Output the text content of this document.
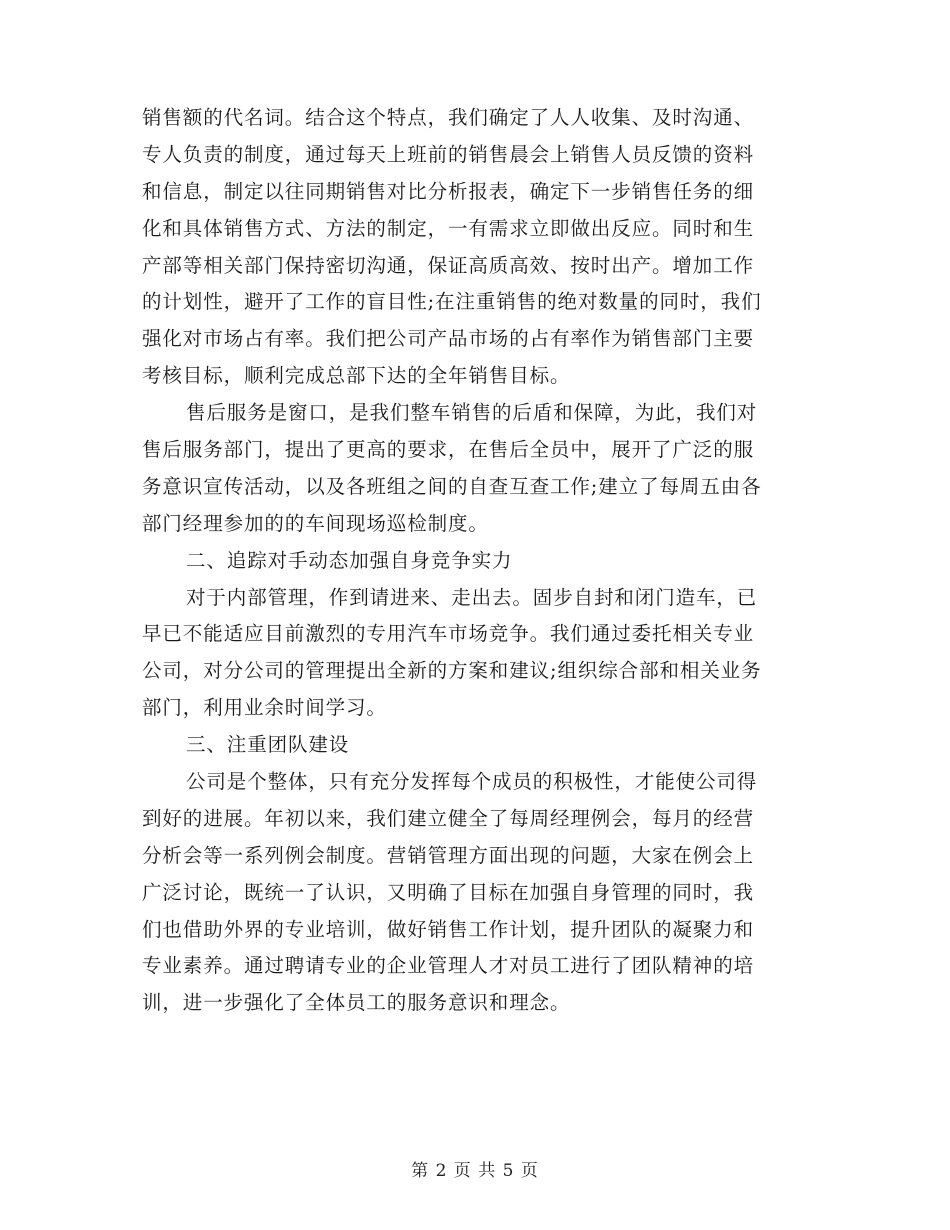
销售额的代名词。结合这个特点，我们确定了人人收集、及时沟通、
专人负责的制度，通过每天上班前的销售晨会上销售人员反馈的资料
和信息，制定以往同期销售对比分析报表，确定下一步销售任务的细
化和具体销售方式、方法的制定，一有需求立即做出反应。同时和生
产部等相关部门保持密切沟通，保证高质高效、按时出产。增加工作
的计划性，避开了工作的盲目性;在注重销售的绝对数量的同时，我们
强化对市场占有率。我们把公司产品市场的占有率作为销售部门主要
考核目标，顺利完成总部下达的全年销售目标。
售后服务是窗口，是我们整车销售的后盾和保障，为此，我们对
售后服务部门，提出了更高的要求，在售后全员中，展开了广泛的服
务意识宣传活动，以及各班组之间的自查互查工作;建立了每周五由各
部门经理参加的的车间现场巡检制度。
二、追踪对手动态加强自身竞争实力
对于内部管理，作到请进来、走出去。固步自封和闭门造车，已
早已不能适应目前激烈的专用汽车市场竞争。我们通过委托相关专业
公司，对分公司的管理提出全新的方案和建议;组织综合部和相关业务
部门，利用业余时间学习。
三、注重团队建设
公司是个整体，只有充分发挥每个成员的积极性，才能使公司得
到好的进展。年初以来，我们建立健全了每周经理例会，每月的经营
分析会等一系列例会制度。营销管理方面出现的问题，大家在例会上
广泛讨论，既统一了认识，又明确了目标在加强自身管理的同时，我
们也借助外界的专业培训，做好销售工作计划，提升团队的凝聚力和
专业素养。通过聘请专业的企业管理人才对员工进行了团队精神的培
训，进一步强化了全体员工的服务意识和理念。
第 2 页 共 5 页
